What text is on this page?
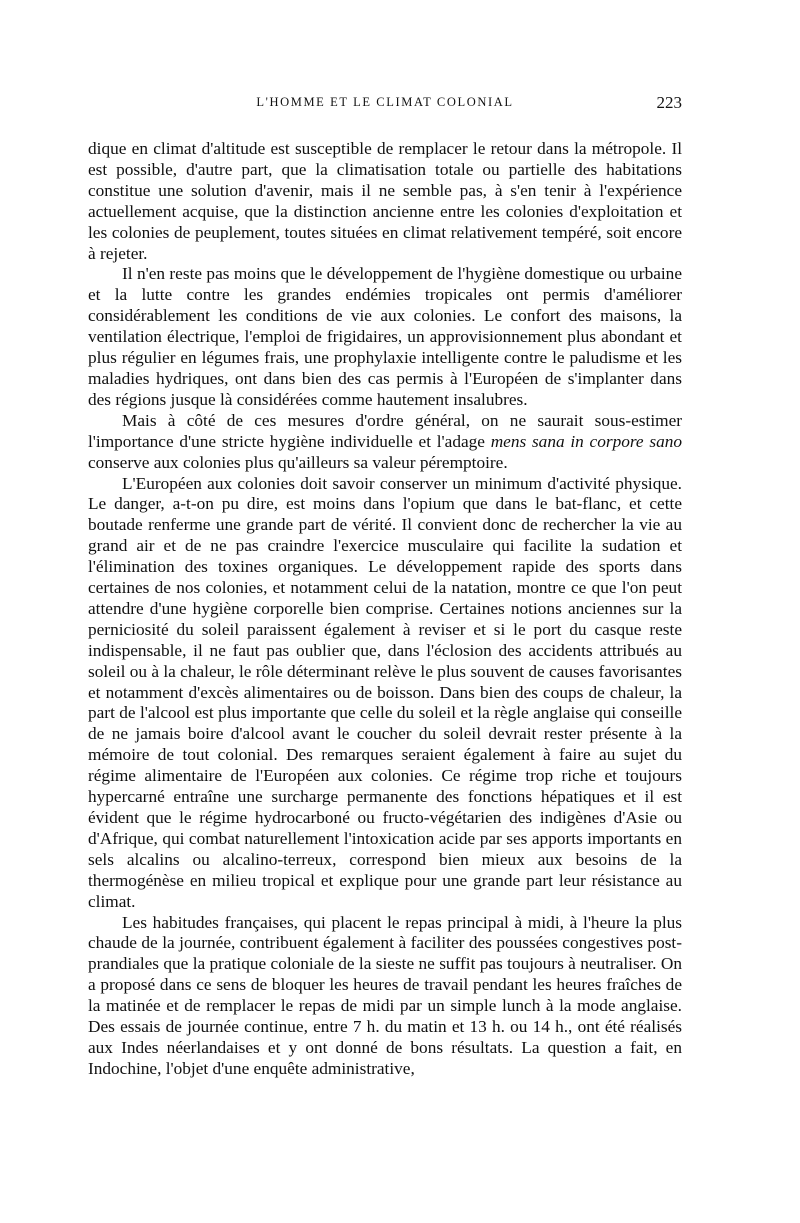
L'HOMME ET LE CLIMAT COLONIAL	223

dique en climat d'altitude est susceptible de remplacer le retour dans la métropole. Il est possible, d'autre part, que la climatisation totale ou partielle des habitations constitue une solution d'avenir, mais il ne semble pas, à s'en tenir à l'expérience actuellement acquise, que la distinction ancienne entre les colonies d'exploitation et les colonies de peuplement, toutes situées en climat relativement tempéré, soit encore à rejeter.

Il n'en reste pas moins que le développement de l'hygiène domestique ou urbaine et la lutte contre les grandes endémies tropicales ont permis d'améliorer considérablement les conditions de vie aux colonies. Le confort des maisons, la ventilation électrique, l'emploi de frigidaires, un approvisionnement plus abondant et plus régulier en légumes frais, une prophylaxie intelligente contre le paludisme et les maladies hydriques, ont dans bien des cas permis à l'Européen de s'implanter dans des régions jusque là considérées comme hautement insalubres.

Mais à côté de ces mesures d'ordre général, on ne saurait sous-estimer l'importance d'une stricte hygiène individuelle et l'adage mens sana in corpore sano conserve aux colonies plus qu'ailleurs sa valeur péremptoire.

L'Européen aux colonies doit savoir conserver un minimum d'activité physique. Le danger, a-t-on pu dire, est moins dans l'opium que dans le bat-flanc, et cette boutade renferme une grande part de vérité. Il convient donc de rechercher la vie au grand air et de ne pas craindre l'exercice musculaire qui facilite la sudation et l'élimination des toxines organiques. Le développement rapide des sports dans certaines de nos colonies, et notamment celui de la natation, montre ce que l'on peut attendre d'une hygiène corporelle bien comprise. Certaines notions anciennes sur la perniciosité du soleil paraissent également à reviser et si le port du casque reste indispensable, il ne faut pas oublier que, dans l'éclosion des accidents attribués au soleil ou à la chaleur, le rôle déterminant relève le plus souvent de causes favorisantes et notamment d'excès alimentaires ou de boisson. Dans bien des coups de chaleur, la part de l'alcool est plus importante que celle du soleil et la règle anglaise qui conseille de ne jamais boire d'alcool avant le coucher du soleil devrait rester présente à la mémoire de tout colonial. Des remarques seraient également à faire au sujet du régime alimentaire de l'Européen aux colonies. Ce régime trop riche et toujours hypercarné entraîne une surcharge permanente des fonctions hépatiques et il est évident que le régime hydrocarboné ou fructo-végétarien des indigènes d'Asie ou d'Afrique, qui combat naturellement l'intoxication acide par ses apports importants en sels alcalins ou alcalino-terreux, correspond bien mieux aux besoins de la thermogénèse en milieu tropical et explique pour une grande part leur résistance au climat.

Les habitudes françaises, qui placent le repas principal à midi, à l'heure la plus chaude de la journée, contribuent également à faciliter des poussées congestives post-prandiales que la pratique coloniale de la sieste ne suffit pas toujours à neutraliser. On a proposé dans ce sens de bloquer les heures de travail pendant les heures fraîches de la matinée et de remplacer le repas de midi par un simple lunch à la mode anglaise. Des essais de journée continue, entre 7 h. du matin et 13 h. ou 14 h., ont été réalisés aux Indes néerlandaises et y ont donné de bons résultats. La question a fait, en Indochine, l'objet d'une enquête administrative,
